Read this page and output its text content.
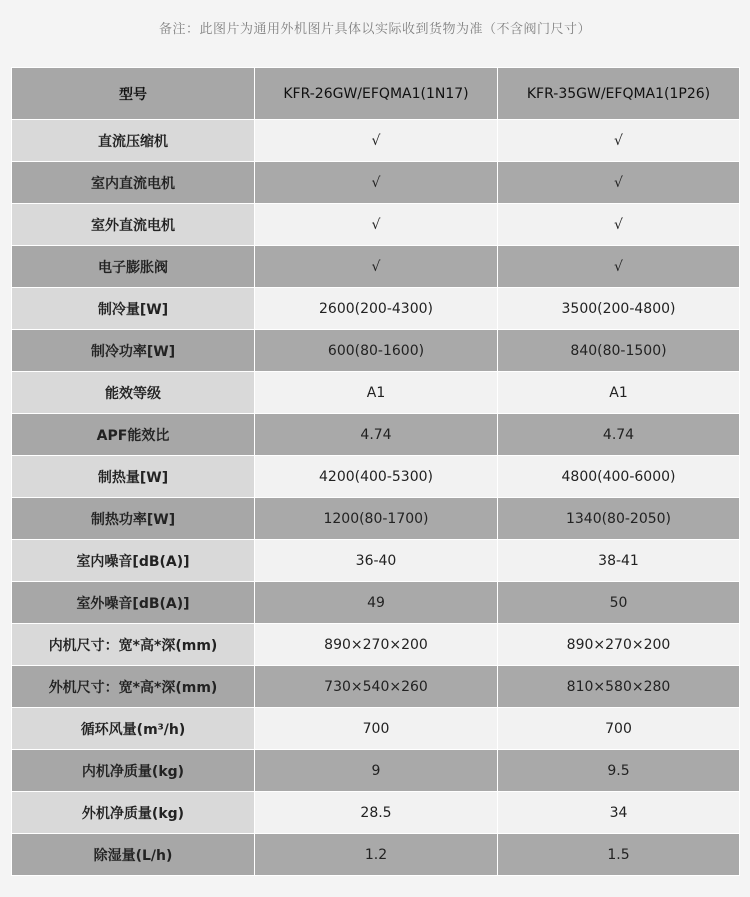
备注：此图片为通用外机图片具体以实际收到货物为准（不含阀门尺寸）
型号	KFR-26GW/EFQMA1(1N17)	KFR-35GW/EFQMA1(1P26)
直流压缩机	√	√
室内直流电机	√	√
室外直流电机	√	√
电子膨胀阀	√	√
制冷量[W]	2600(200-4300)	3500(200-4800)
制冷功率[W]	600(80-1600)	840(80-1500)
能效等级	A1	A1
APF能效比	4.74	4.74
制热量[W]	4200(400-5300)	4800(400-6000)
制热功率[W]	1200(80-1700)	1340(80-2050)
室内噪音[dB(A)]	36-40	38-41
室外噪音[dB(A)]	49	50
内机尺寸：宽*高*深(mm)	890×270×200	890×270×200
外机尺寸：宽*高*深(mm)	730×540×260	810×580×280
循环风量(m³/h)	700	700
内机净质量(kg)	9	9.5
外机净质量(kg)	28.5	34
除湿量(L/h)	1.2	1.5
